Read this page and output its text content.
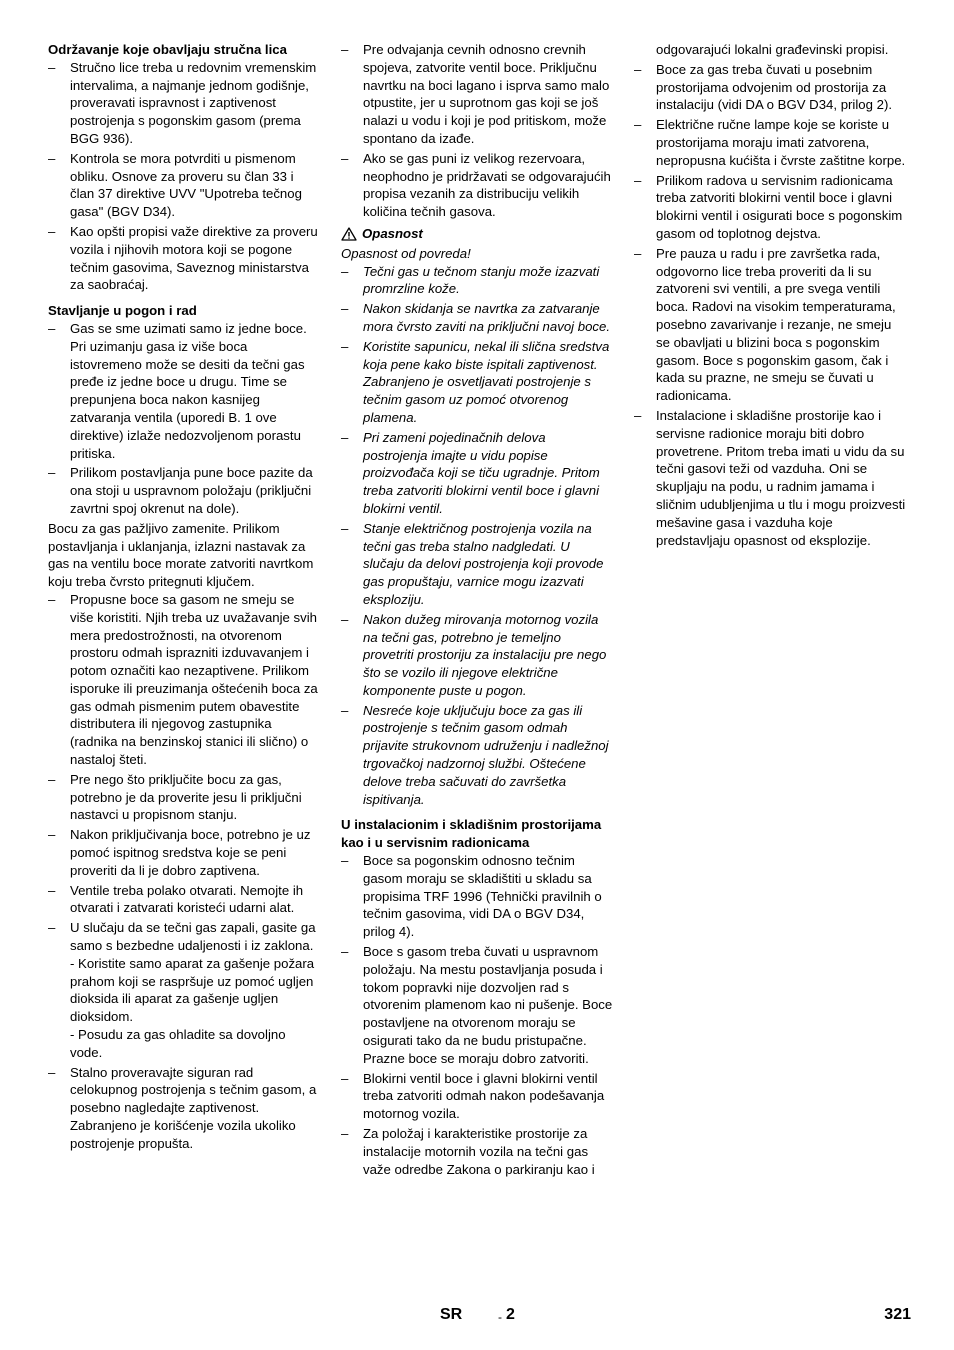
Održavanje koje obavljaju stručna lica

– Stručno lice treba u redovnim vremenskim intervalima, a najmanje jednom godišnje, proveravati ispravnost i zaptivenost postrojenja s pogonskim gasom (prema BGG 936).

– Kontrola se mora potvrditi u pismenom obliku. Osnove za proveru su član 33 i član 37 direktive UVV "Upotreba tečnog gasa" (BGV D34).

– Kao opšti propisi važe direktive za proveru vozila i njihovih motora koji se pogone tečnim gasovima, Saveznog ministarstva za saobraćaj.

Stavljanje u pogon i rad

– Gas se sme uzimati samo iz jedne boce. Pri uzimanju gasa iz više boca istovremeno može se desiti da tečni gas pređe iz jedne boce u drugu. Time se prepunjena boca nakon kasnijeg zatvaranja ventila (uporedi B. 1 ove direktive) izlaže nedozvoljenom porastu pritiska.

– Prilikom postavljanja pune boce pazite da ona stoji u uspravnom položaju (priključni zavrtni spoj okrenut na dole).

Bocu za gas pažljivo zamenite. Prilikom postavljanja i uklanjanja, izlazni nastavak za gas na ventilu boce morate zatvoriti navrtkom koju treba čvrsto pritegnuti ključem.

– Propusne boce sa gasom ne smeju se više koristiti. Njih treba uz uvažavanje svih mera predostrožnosti, na otvorenom prostoru odmah isprazniti izduvavanjem i potom označiti kao nezaptivene. Prilikom isporuke ili preuzimanja oštećenih boca za gas odmah pismenim putem obavestite distributera ili njegovog zastupnika (radnika na benzinskoj stanici ili slično) o nastaloj šteti.

– Pre nego što priključite bocu za gas, potrebno je da proverite jesu li priključni nastavci u propisnom stanju.

– Nakon priključivanja boce, potrebno je uz pomoć ispitnog sredstva koje se peni proveriti da li je dobro zaptivena.

– Ventile treba polako otvarati. Nemojte ih otvarati i zatvarati koristeći udarni alat.

– U slučaju da se tečni gas zapali, gasite ga samo s bezbedne udaljenosti i iz zaklona.

- Koristite samo aparat za gašenje požara prahom koji se raspršuje uz pomoć ugljen dioksida ili aparat za gašenje ugljen dioksidom.

- Posudu za gas ohladite sa dovoljno vode.

– Stalno proveravajte siguran rad celokupnog postrojenja s tečnim gasom, a posebno nagledajte zaptivenost. Zabranjeno je korišćenje vozila ukoliko postrojenje propušta.

– Pre odvajanja cevnih odnosno crevnih spojeva, zatvorite ventil boce. Priključnu navrtku na boci lagano i isprva samo malo otpustite, jer u suprotnom gas koji se još nalazi u vodu i koji je pod pritiskom, može spontano da izađe.

– Ako se gas puni iz velikog rezervoara, neophodno je pridržavati se odgovarajućih propisa vezanih za distribuciju velikih količina tečnih gasova.

Opasnost

Opasnost od povreda!

– Tečni gas u tečnom stanju može izazvati promrzline kože.

– Nakon skidanja se navrtka za zatvaranje mora čvrsto zaviti na priključni navoj boce.

– Koristite sapunicu, nekal ili slična sredstva koja pene kako biste ispitali zaptivenost. Zabranjeno je osvetljavati postrojenje s tečnim gasom uz pomoć otvorenog plamena.

– Pri zameni pojedinačnih delova postrojenja imajte u vidu popise proizvođača koji se tiču ugradnje. Pritom treba zatvoriti blokirni ventil boce i glavni blokirni ventil.

– Stanje električnog postrojenja vozila na tečni gas treba stalno nadgledati. U slučaju da delovi postrojenja koji provode gas propuštaju, varnice mogu izazvati eksploziju.

– Nakon dužeg mirovanja motornog vozila na tečni gas, potrebno je temeljno provetriti prostoriju za instalaciju pre nego što se vozilo ili njegove električne komponente puste u pogon.

– Nesreće koje uključuju boce za gas ili postrojenje s tečnim gasom odmah prijavite strukovnom udruženju i nadležnoj trgovačkoj nadzornoj službi. Oštećene delove treba sačuvati do završetka ispitivanja.

U instalacionim i skladišnim prostorijama kao i u servisnim radionicama

– Boce sa pogonskim odnosno tečnim gasom moraju se skladištiti u skladu sa propisima TRF 1996 (Tehnički pravilnih o tečnim gasovima, vidi DA o BGV D34, prilog 4).

– Boce s gasom treba čuvati u uspravnom položaju. Na mestu postavljanja posuda i tokom popravki nije dozvoljen rad s otvorenim plamenom kao ni pušenje. Boce postavljene na otvorenom moraju se osigurati tako da ne budu pristupačne. Prazne boce se moraju dobro zatvoriti.

– Blokirni ventil boce i glavni blokirni ventil treba zatvoriti odmah nakon podešavanja motornog vozila.

– Za položaj i karakteristike prostorije za instalacije motornih vozila na tečni gas važe odredbe Zakona o parkiranju kao i

odgovarajući lokalni građevinski propisi.

– Boce za gas treba čuvati u posebnim prostorijama odvojenim od prostorija za instalaciju (vidi DA o BGV D34, prilog 2).

– Električne ručne lampe koje se koriste u prostorijama moraju imati zatvorena, nepropusna kućišta i čvrste zaštitne korpe.

– Prilikom radova u servisnim radionicama treba zatvoriti blokirni ventil boce i glavni blokirni ventil i osigurati boce s pogonskim gasom od toplotnog dejstva.

– Pre pauza u radu i pre završetka rada, odgovorno lice treba proveriti da li su zatvoreni svi ventili, a pre svega ventili boca. Radovi na visokim temperaturama, posebno zavarivanje i rezanje, ne smeju se obavljati u blizini boca s pogonskim gasom. Boce s pogonskim gasom, čak i kada su prazne, ne smeju se čuvati u radionicama.

– Instalacione i skladišne prostorije kao i servisne radionice moraju biti dobro provetrene. Pritom treba imati u vidu da su tečni gasovi teži od vazduha. Oni se skupljaju na podu, u radnim jamama i sličnim udubljenjima u tlu i mogu proizvesti mešavine gasa i vazduha koje predstavljaju opasnost od eksplozije.

SR	- 2	321
